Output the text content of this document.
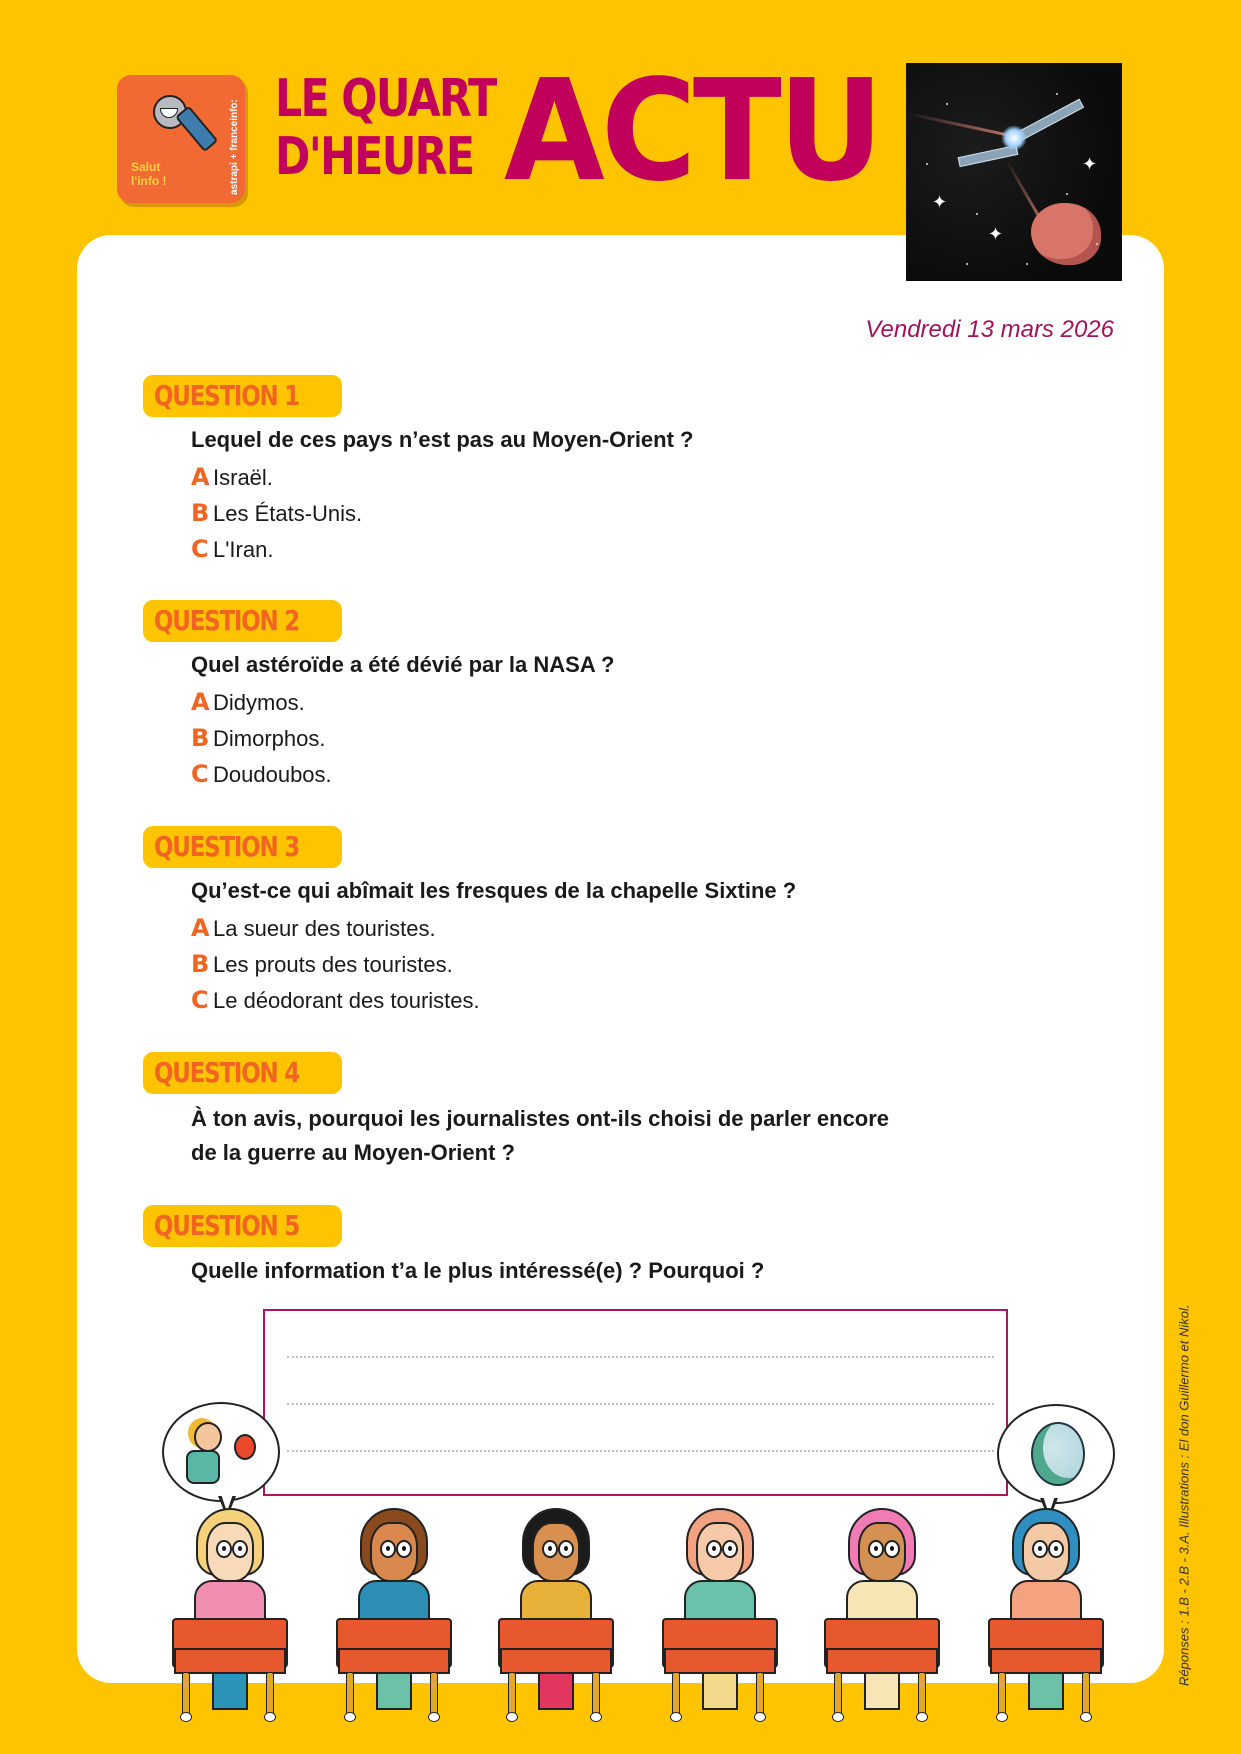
Salut
l'info !	astrapi + franceinfo:
LE QUART
D'HEURE ACTU	✦
✦
✦
Vendredi 13 mars 2026
QUESTION 1
Lequel de ces pays n’est pas au Moyen-Orient ?
A Israël.
B Les États-Unis.
C L'Iran.
QUESTION 2
Quel astéroïde a été dévié par la NASA ?
A Didymos.
B Dimorphos.
C Doudoubos.
QUESTION 3
Qu’est-ce qui abîmait les fresques de la chapelle Sixtine ?
A La sueur des touristes.
B Les prouts des touristes.
C Le déodorant des touristes.
QUESTION 4
À ton avis, pourquoi les journalistes ont-ils choisi de parler encore
de la guerre au Moyen-Orient ?
QUESTION 5
Quelle information t’a le plus intéressé(e) ? Pourquoi ?
Réponses : 1.B - 2.B - 3.A. Illustrations : El don Guillermo et Nikol.
